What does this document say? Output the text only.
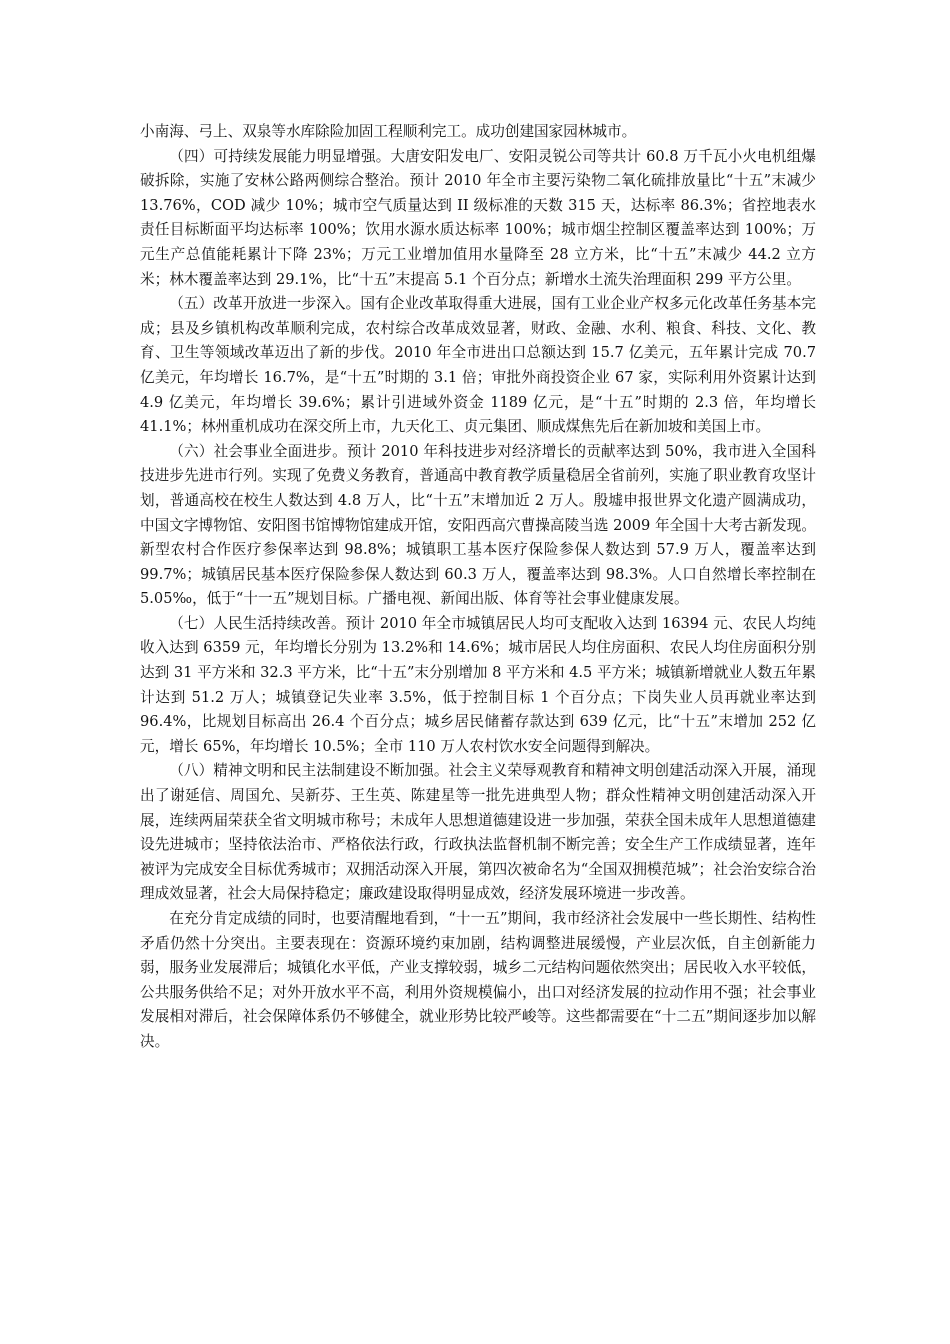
小南海、弓上、双泉等水库除险加固工程顺利完工。成功创建国家园林城市。

（四）可持续发展能力明显增强。大唐安阳发电厂、安阳灵锐公司等共计 60.8 万千瓦小火电机组爆破拆除，实施了安林公路两侧综合整治。预计 2010 年全市主要污染物二氧化硫排放量比“十五”末减少 13.76%，COD 减少 10%；城市空气质量达到 II 级标准的天数 315 天，达标率 86.3%；省控地表水责任目标断面平均达标率 100%；饮用水源水质达标率 100%；城市烟尘控制区覆盖率达到 100%；万元生产总值能耗累计下降 23%；万元工业增加值用水量降至 28 立方米，比“十五”末减少 44.2 立方米；林木覆盖率达到 29.1%，比“十五”末提高 5.1 个百分点；新增水土流失治理面积 299 平方公里。

（五）改革开放进一步深入。国有企业改革取得重大进展，国有工业企业产权多元化改革任务基本完成；县及乡镇机构改革顺利完成，农村综合改革成效显著，财政、金融、水利、粮食、科技、文化、教育、卫生等领域改革迈出了新的步伐。2010 年全市进出口总额达到 15.7 亿美元，五年累计完成 70.7 亿美元，年均增长 16.7%，是“十五”时期的 3.1 倍；审批外商投资企业 67 家，实际利用外资累计达到 4.9 亿美元，年均增长 39.6%；累计引进域外资金 1189 亿元，是“十五”时期的 2.3 倍，年均增长 41.1%；林州重机成功在深交所上市，九天化工、贞元集团、顺成煤焦先后在新加坡和美国上市。

（六）社会事业全面进步。预计 2010 年科技进步对经济增长的贡献率达到 50%，我市进入全国科技进步先进市行列。实现了免费义务教育，普通高中教育教学质量稳居全省前列，实施了职业教育攻坚计划，普通高校在校生人数达到 4.8 万人，比“十五”末增加近 2 万人。殷墟申报世界文化遗产圆满成功，中国文字博物馆、安阳图书馆博物馆建成开馆，安阳西高穴曹操高陵当选 2009 年全国十大考古新发现。新型农村合作医疗参保率达到 98.8%；城镇职工基本医疗保险参保人数达到 57.9 万人，覆盖率达到 99.7%；城镇居民基本医疗保险参保人数达到 60.3 万人，覆盖率达到 98.3%。人口自然增长率控制在 5.05‰，低于“十一五”规划目标。广播电视、新闻出版、体育等社会事业健康发展。

（七）人民生活持续改善。预计 2010 年全市城镇居民人均可支配收入达到 16394 元、农民人均纯收入达到 6359 元，年均增长分别为 13.2%和 14.6%；城市居民人均住房面积、农民人均住房面积分别达到 31 平方米和 32.3 平方米，比“十五”末分别增加 8 平方米和 4.5 平方米；城镇新增就业人数五年累计达到 51.2 万人；城镇登记失业率 3.5%，低于控制目标 1 个百分点；下岗失业人员再就业率达到 96.4%，比规划目标高出 26.4 个百分点；城乡居民储蓄存款达到 639 亿元，比“十五”末增加 252 亿元，增长 65%，年均增长 10.5%；全市 110 万人农村饮水安全问题得到解决。

（八）精神文明和民主法制建设不断加强。社会主义荣辱观教育和精神文明创建活动深入开展，涌现出了谢延信、周国允、吴新芬、王生英、陈建星等一批先进典型人物；群众性精神文明创建活动深入开展，连续两届荣获全省文明城市称号；未成年人思想道德建设进一步加强，荣获全国未成年人思想道德建设先进城市；坚持依法治市、严格依法行政，行政执法监督机制不断完善；安全生产工作成绩显著，连年被评为完成安全目标优秀城市；双拥活动深入开展，第四次被命名为“全国双拥模范城”；社会治安综合治理成效显著，社会大局保持稳定；廉政建设取得明显成效，经济发展环境进一步改善。

在充分肯定成绩的同时，也要清醒地看到，“十一五”期间，我市经济社会发展中一些长期性、结构性矛盾仍然十分突出。主要表现在：资源环境约束加剧，结构调整进展缓慢，产业层次低，自主创新能力弱，服务业发展滞后；城镇化水平低，产业支撑较弱，城乡二元结构问题依然突出；居民收入水平较低，公共服务供给不足；对外开放水平不高，利用外资规模偏小，出口对经济发展的拉动作用不强；社会事业发展相对滞后，社会保障体系仍不够健全，就业形势比较严峻等。这些都需要在“十二五”期间逐步加以解决。
